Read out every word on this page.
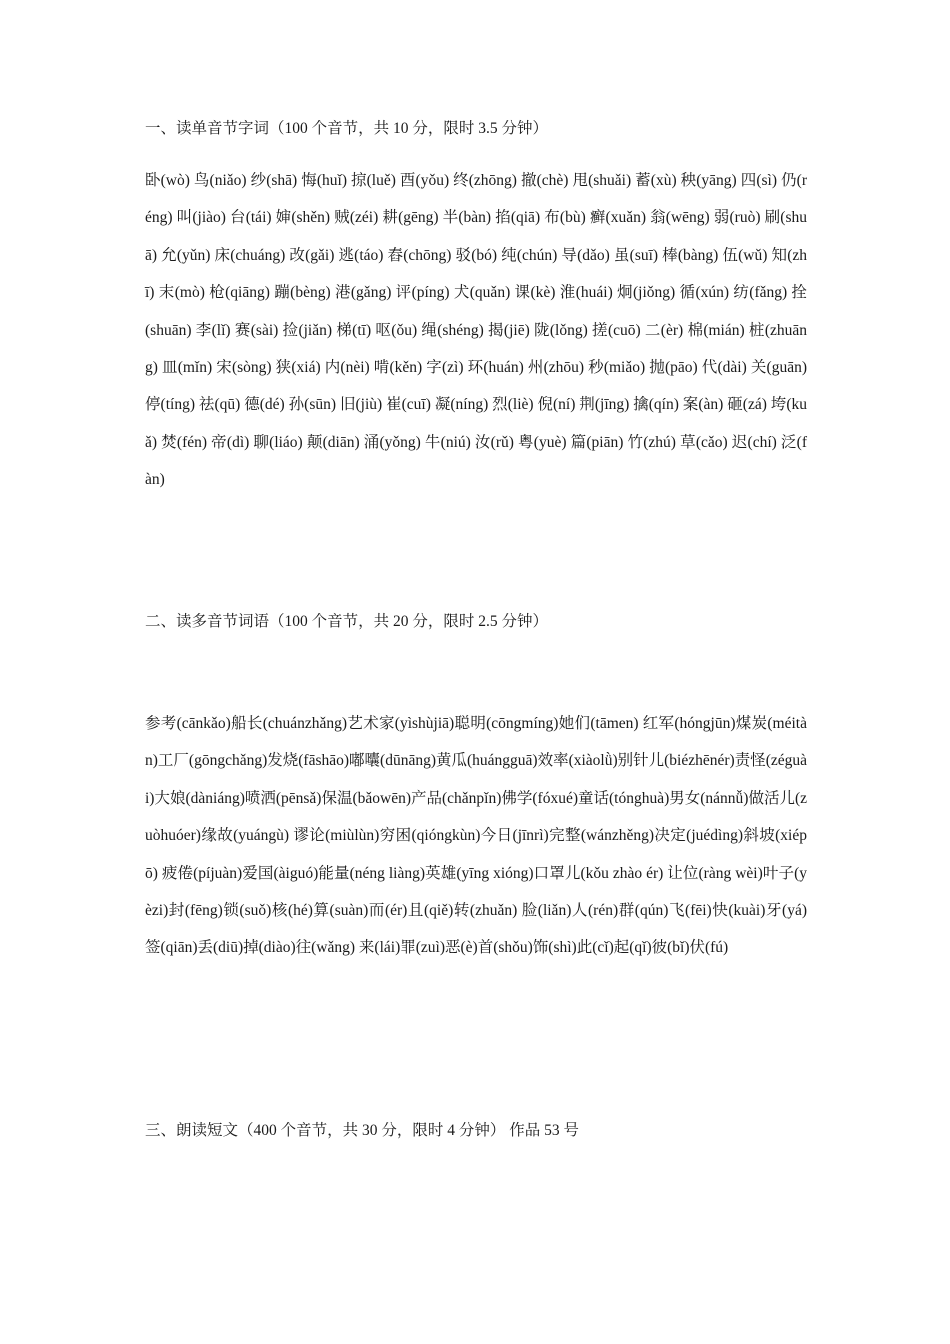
一、读单音节字词（100 个音节，共 10 分，限时 3.5 分钟）
卧(wò) 鸟(niǎo) 纱(shā) 悔(huǐ) 掠(luě) 酉(yǒu) 终(zhōng) 撤(chè) 甩(shuǎi) 蓄(xù) 秧(yāng) 四(sì) 仍(réng) 叫(jiào) 台(tái) 婶(shěn) 贼(zéi) 耕(gēng) 半(bàn) 掐(qiā) 布(bù) 癣(xuǎn) 翁(wēng) 弱(ruò) 刷(shuā) 允(yǔn) 床(chuáng) 改(gǎi) 逃(táo) 舂(chōng) 驳(bó) 纯(chún) 导(dǎo) 虽(suī) 棒(bàng) 伍(wǔ) 知(zhī) 末(mò) 枪(qiāng) 蹦(bèng) 港(gǎng) 评(píng) 犬(quǎn) 课(kè) 淮(huái) 炯(jiǒng) 循(xún) 纺(fǎng) 拴(shuān) 李(lǐ) 赛(sài) 捡(jiǎn) 梯(tī) 呕(ǒu) 绳(shéng) 揭(jiē) 陇(lǒng) 搓(cuō) 二(èr) 棉(mián) 桩(zhuāng) 皿(mǐn) 宋(sòng) 狭(xiá) 内(nèi) 啃(kěn) 字(zì) 环(huán) 州(zhōu) 秒(miǎo) 抛(pāo) 代(dài) 关(guān) 停(tíng) 祛(qū) 德(dé) 孙(sūn) 旧(jiù) 崔(cuī) 凝(níng) 烈(liè) 倪(ní) 荆(jīng) 擒(qín) 案(àn) 砸(zá) 垮(kuǎ) 焚(fén) 帝(dì) 聊(liáo) 颠(diān) 涌(yǒng) 牛(niú) 汝(rǔ) 粤(yuè) 篇(piān) 竹(zhú) 草(cǎo) 迟(chí) 泛(fàn)
二、读多音节词语（100 个音节，共 20 分，限时 2.5 分钟）
参考(cānkǎo)船长(chuánzhǎng)艺术家(yìshùjiā)聪明(cōngmíng)她们(tāmen) 红军(hóngjūn)煤炭(méitàn)工厂(gōngchǎng)发烧(fāshāo)嘟囔(dūnāng)黄瓜(huángguā)效率(xiàolǜ)别针儿(biézhēnér)责怪(zéguài)大娘(dàniáng)喷洒(pēnsǎ)保温(bǎowēn)产品(chǎnpǐn)佛学(fóxué)童话(tónghuà)男女(nánnǚ)做活儿(zuòhuóer)缘故(yuángù) 谬论(miùlùn)穷困(qióngkùn)今日(jīnrì)完整(wánzhěng)决定(juédìng)斜坡(xiépō) 疲倦(píjuàn)爱国(àiguó)能量(néng liàng)英雄(yīng xióng)口罩儿(kǒu zhào ér) 让位(ràng wèi)叶子(yèzi)封(fēng)锁(suǒ)核(hé)算(suàn)而(ér)且(qiě)转(zhuǎn) 脸(liǎn)人(rén)群(qún)飞(fēi)快(kuài)牙(yá)签(qiān)丢(diū)掉(diào)往(wǎng) 来(lái)罪(zuì)恶(è)首(shǒu)饰(shì)此(cǐ)起(qǐ)彼(bǐ)伏(fú)
三、朗读短文（400 个音节，共 30 分，限时 4 分钟） 作品 53 号
